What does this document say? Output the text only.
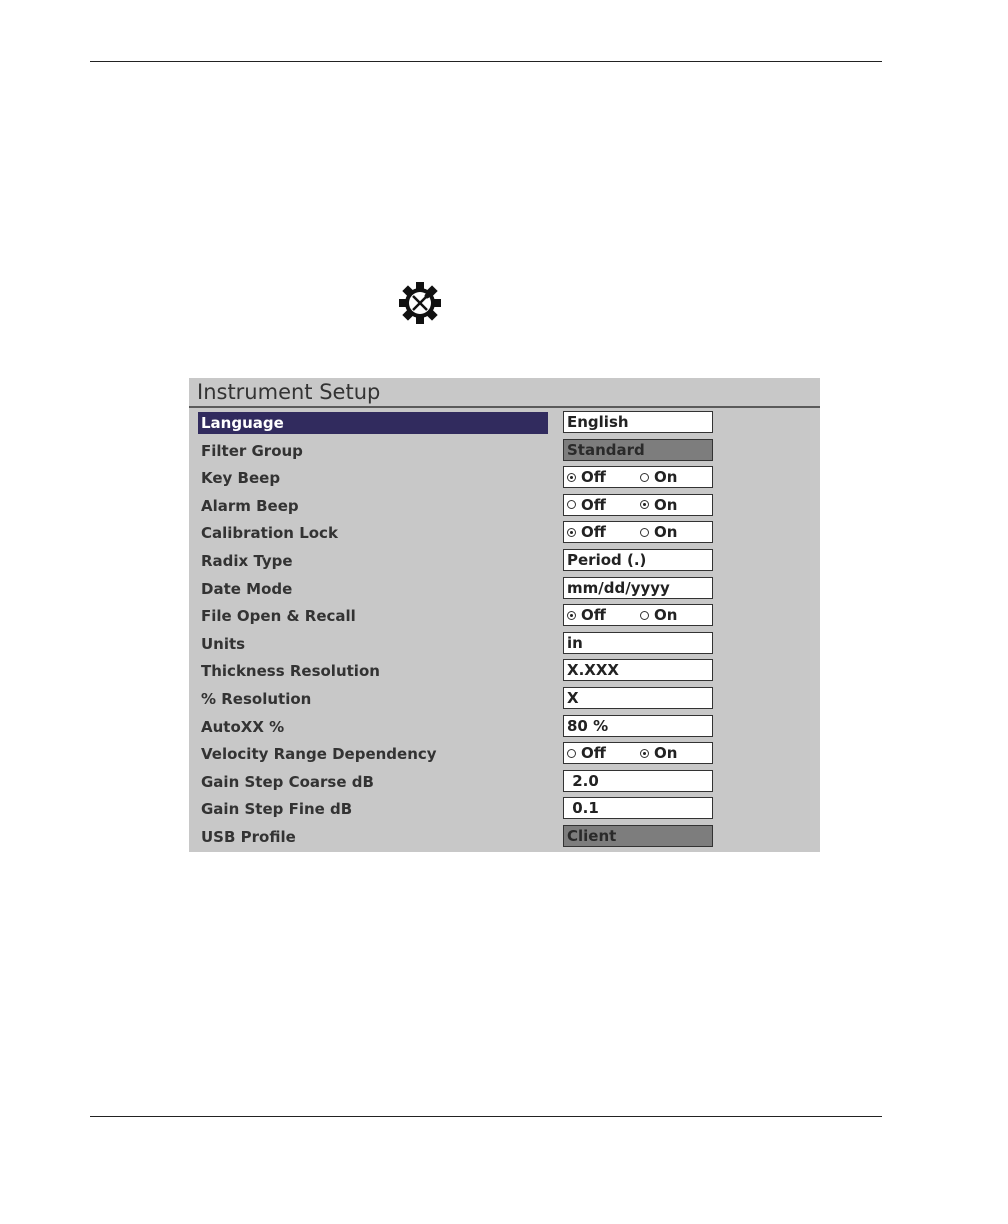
Instrument Setup
Language	English
Filter Group	Standard
Key Beep	Off	On
Alarm Beep	Off	On
Calibration Lock	Off	On
Radix Type	Period (.)
Date Mode	mm/dd/yyyy
File Open & Recall	Off	On
Units	in
Thickness Resolution	X.XXX
% Resolution	X
AutoXX %	80 %
Velocity Range Dependency	Off	On
Gain Step Coarse dB	2.0
Gain Step Fine dB	0.1
USB Profile	Client
